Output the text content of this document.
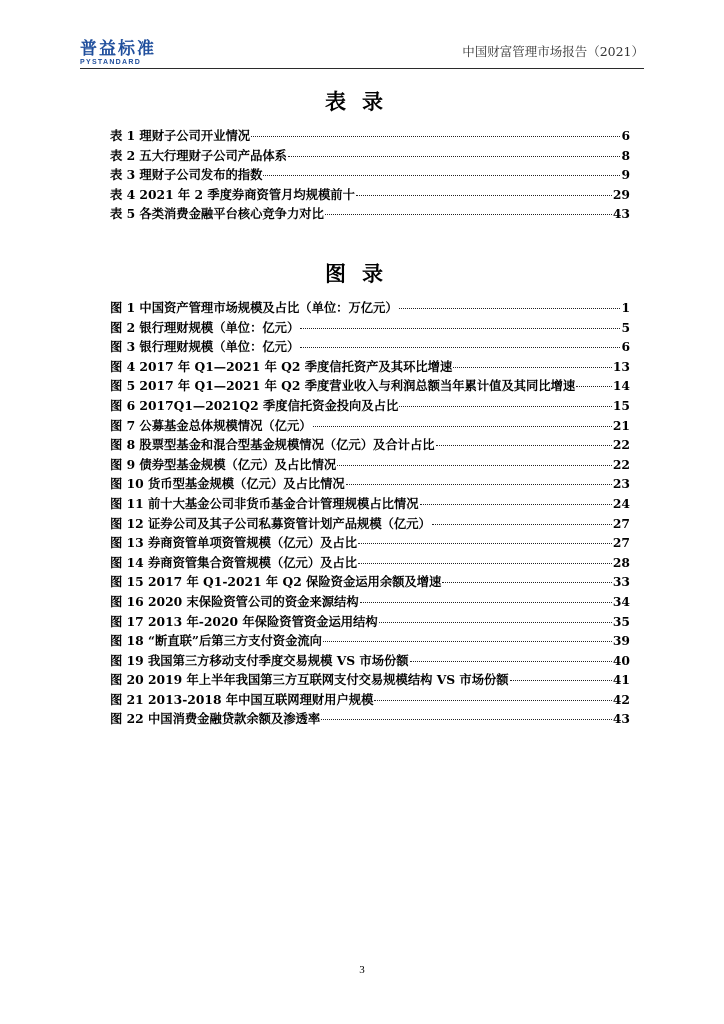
普益标准
PYSTANDARD
中国财富管理市场报告（2021）
表录
表 1 理财子公司开业情况	6
表 2 五大行理财子公司产品体系	8
表 3 理财子公司发布的指数	9
表 4 2021 年 2 季度券商资管月均规模前十	29
表 5 各类消费金融平台核心竞争力对比	43
图录
图 1 中国资产管理市场规模及占比（单位：万亿元）	1
图 2 银行理财规模（单位：亿元）	5
图 3 银行理财规模（单位：亿元）	6
图 4 2017 年 Q1—2021 年 Q2 季度信托资产及其环比增速	13
图 5 2017 年 Q1—2021 年 Q2 季度营业收入与利润总额当年累计值及其同比增速	14
图 6 2017Q1—2021Q2 季度信托资金投向及占比	15
图 7 公募基金总体规模情况（亿元）	21
图 8 股票型基金和混合型基金规模情况（亿元）及合计占比	22
图 9 债券型基金规模（亿元）及占比情况	22
图 10 货币型基金规模（亿元）及占比情况	23
图 11 前十大基金公司非货币基金合计管理规模占比情况	24
图 12 证券公司及其子公司私募资管计划产品规模（亿元）	27
图 13 券商资管单项资管规模（亿元）及占比	27
图 14 券商资管集合资管规模（亿元）及占比	28
图 15 2017 年 Q1-2021 年 Q2 保险资金运用余额及增速	33
图 16 2020 末保险资管公司的资金来源结构	34
图 17 2013 年-2020 年保险资管资金运用结构	35
图 18 “断直联”后第三方支付资金流向	39
图 19 我国第三方移动支付季度交易规模 VS 市场份额	40
图 20 2019 年上半年我国第三方互联网支付交易规模结构 VS 市场份额	41
图 21 2013-2018 年中国互联网理财用户规模	42
图 22 中国消费金融贷款余额及渗透率	43
3
